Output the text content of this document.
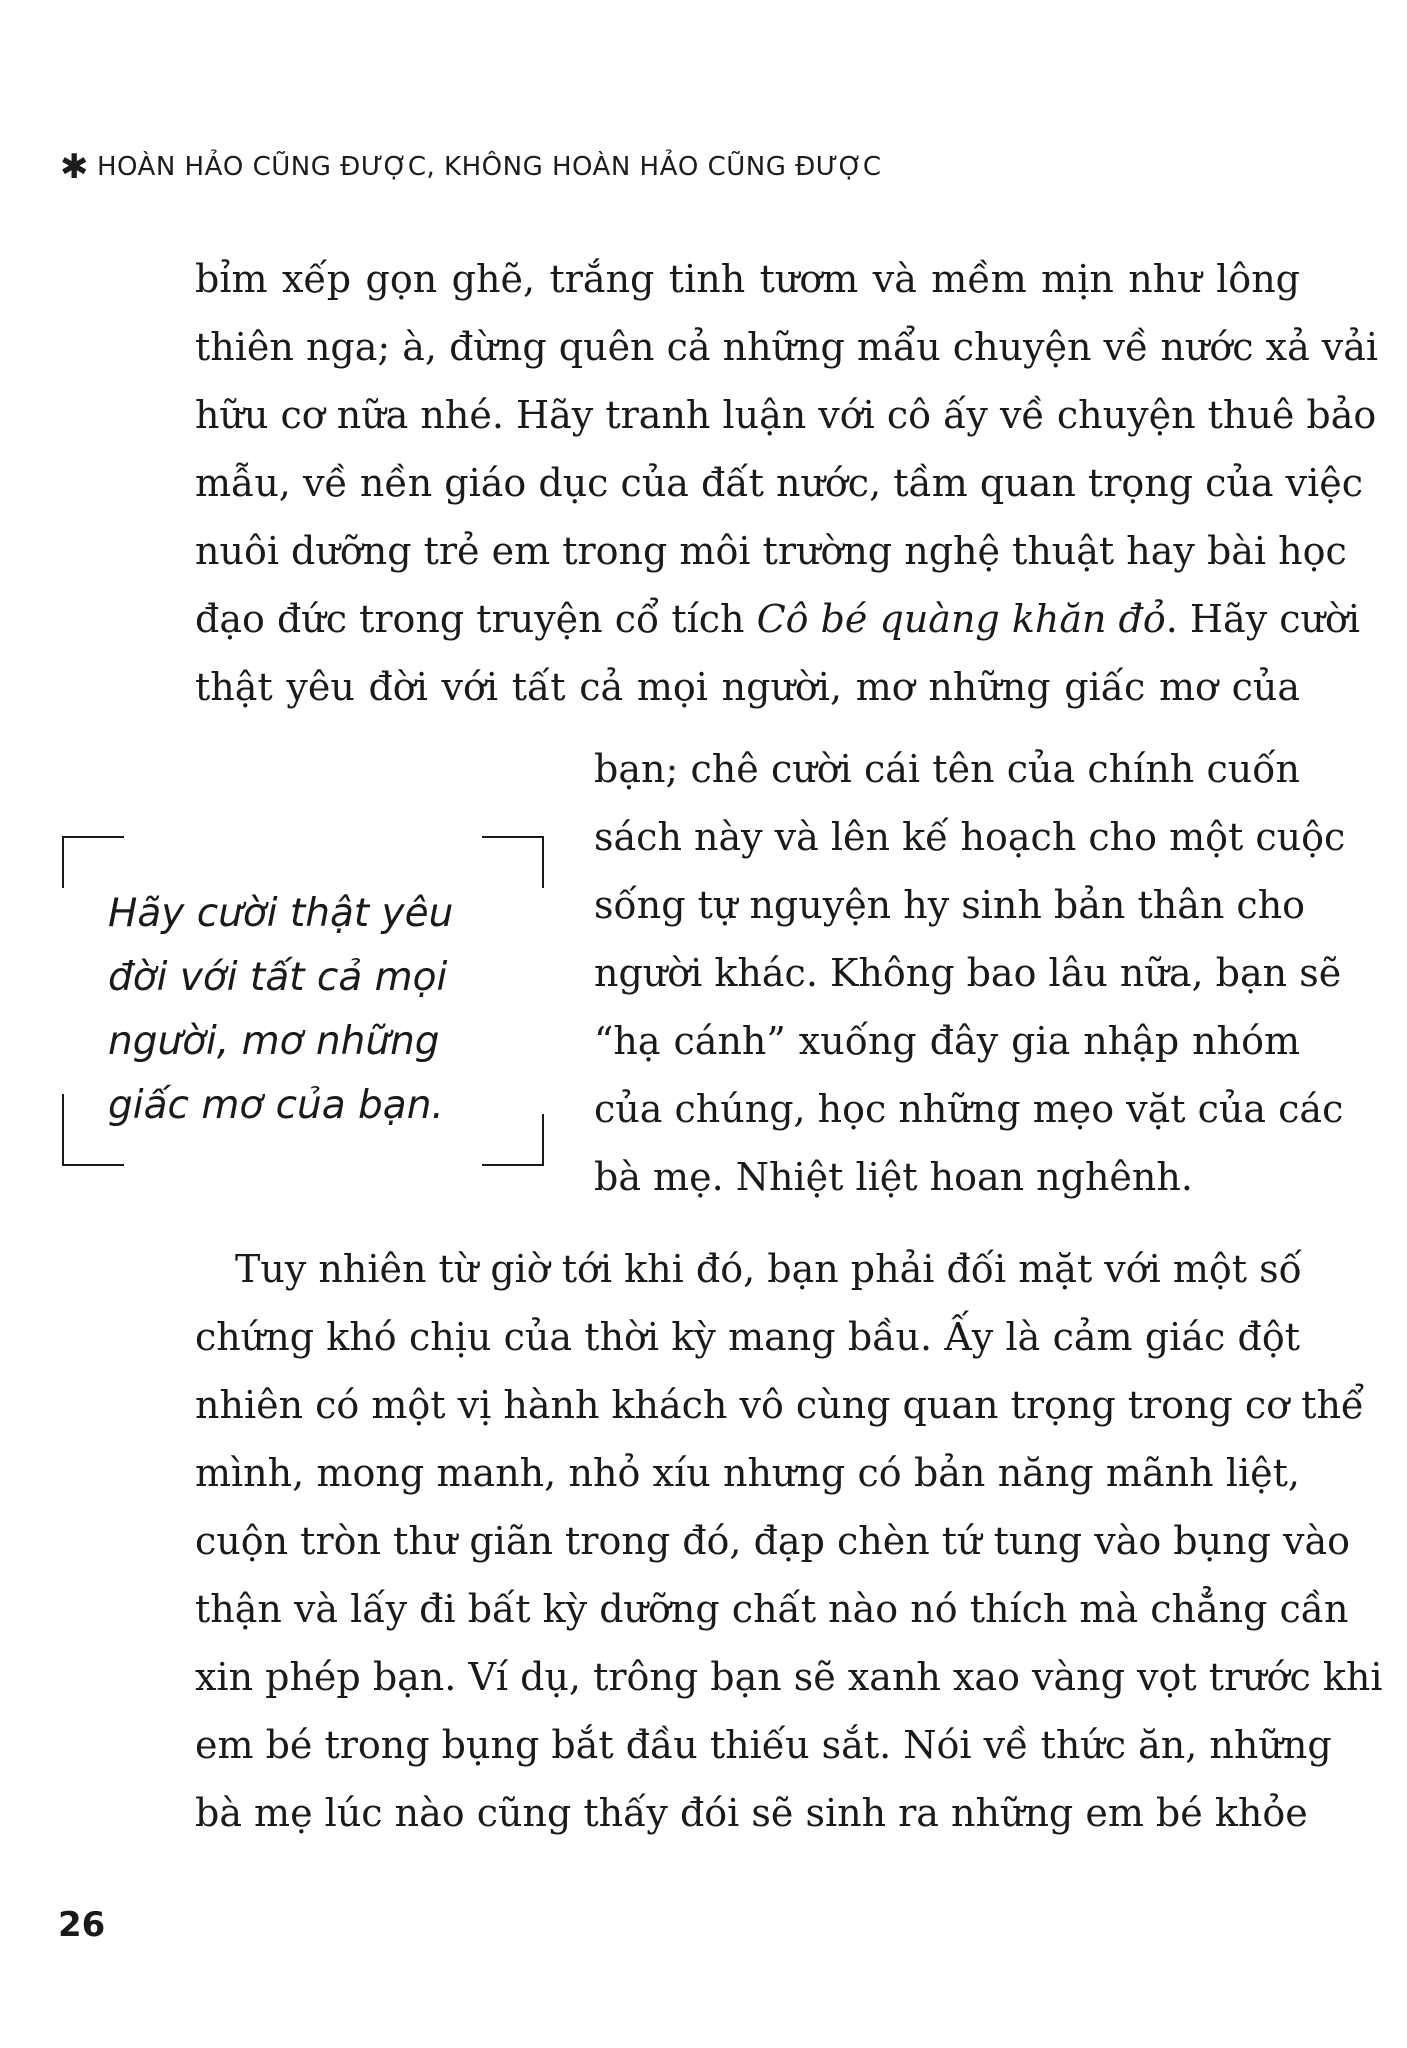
✱ HOÀN HẢO CŨNG ĐƯỢC, KHÔNG HOÀN HẢO CŨNG ĐƯỢC
bỉm xếp gọn ghẽ, trắng tinh tươm và mềm mịn như lông
thiên nga; à, đừng quên cả những mẩu chuyện về nước xả vải
hữu cơ nữa nhé. Hãy tranh luận với cô ấy về chuyện thuê bảo
mẫu, về nền giáo dục của đất nước, tầm quan trọng của việc
nuôi dưỡng trẻ em trong môi trường nghệ thuật hay bài học
đạo đức trong truyện cổ tích Cô bé quàng khăn đỏ. Hãy cười
thật yêu đời với tất cả mọi người, mơ những giấc mơ của
Hãy cười thật yêu
đời với tất cả mọi
người, mơ những
giấc mơ của bạn.
bạn; chê cười cái tên của chính cuốn
sách này và lên kế hoạch cho một cuộc
sống tự nguyện hy sinh bản thân cho
người khác. Không bao lâu nữa, bạn sẽ
“hạ cánh” xuống đây gia nhập nhóm
của chúng, học những mẹo vặt của các
bà mẹ. Nhiệt liệt hoan nghênh.
Tuy nhiên từ giờ tới khi đó, bạn phải đối mặt với một số
chứng khó chịu của thời kỳ mang bầu. Ấy là cảm giác đột
nhiên có một vị hành khách vô cùng quan trọng trong cơ thể
mình, mong manh, nhỏ xíu nhưng có bản năng mãnh liệt,
cuộn tròn thư giãn trong đó, đạp chèn tứ tung vào bụng vào
thận và lấy đi bất kỳ dưỡng chất nào nó thích mà chẳng cần
xin phép bạn. Ví dụ, trông bạn sẽ xanh xao vàng vọt trước khi
em bé trong bụng bắt đầu thiếu sắt. Nói về thức ăn, những
bà mẹ lúc nào cũng thấy đói sẽ sinh ra những em bé khỏe
26
